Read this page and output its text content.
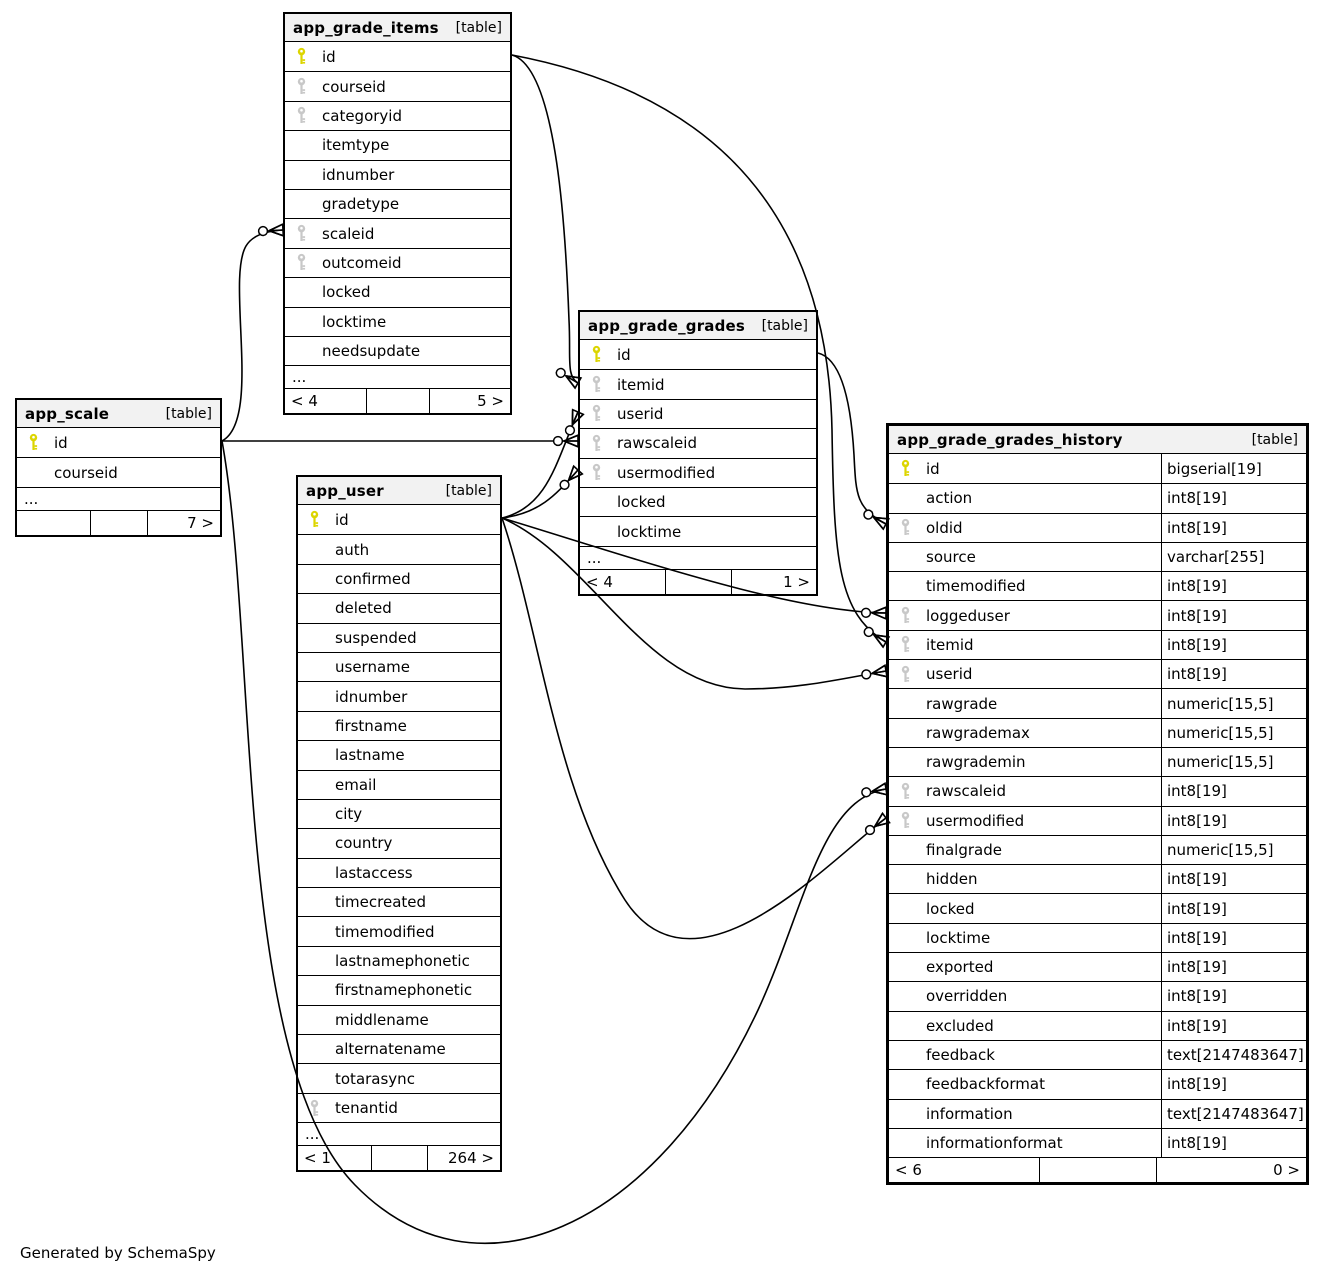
app_grade_items [table]
id
courseid
categoryid
itemtype
idnumber
gradetype
scaleid
outcomeid
locked
locktime
needsupdate
...
< 4	5 >
app_grade_grades [table]
id
itemid
userid
rawscaleid
usermodified
locked
locktime
...
< 4	1 >
app_scale	[table]
id
courseid
...
7 >
app_user	[table]
id
auth
confirmed
deleted
suspended
username
idnumber
firstname
lastname
email
city
country
lastaccess
timecreated
timemodified
lastnamephonetic
firstnamephonetic
middlename
alternatename
totarasync
tenantid
...
< 1	264 >
app_grade_grades_history	[table]
id	bigserial[19]
action	int8[19]
oldid	int8[19]
source	varchar[255]
timemodified	int8[19]
loggeduser	int8[19]
itemid	int8[19]
userid	int8[19]
rawgrade	numeric[15,5]
rawgrademax	numeric[15,5]
rawgrademin	numeric[15,5]
rawscaleid	int8[19]
usermodified	int8[19]
finalgrade	numeric[15,5]
hidden	int8[19]
locked	int8[19]
locktime	int8[19]
exported	int8[19]
overridden	int8[19]
excluded	int8[19]
feedback	text[2147483647]
feedbackformat	int8[19]
information	text[2147483647]
informationformat	int8[19]
< 6	0 >
Generated by SchemaSpy
